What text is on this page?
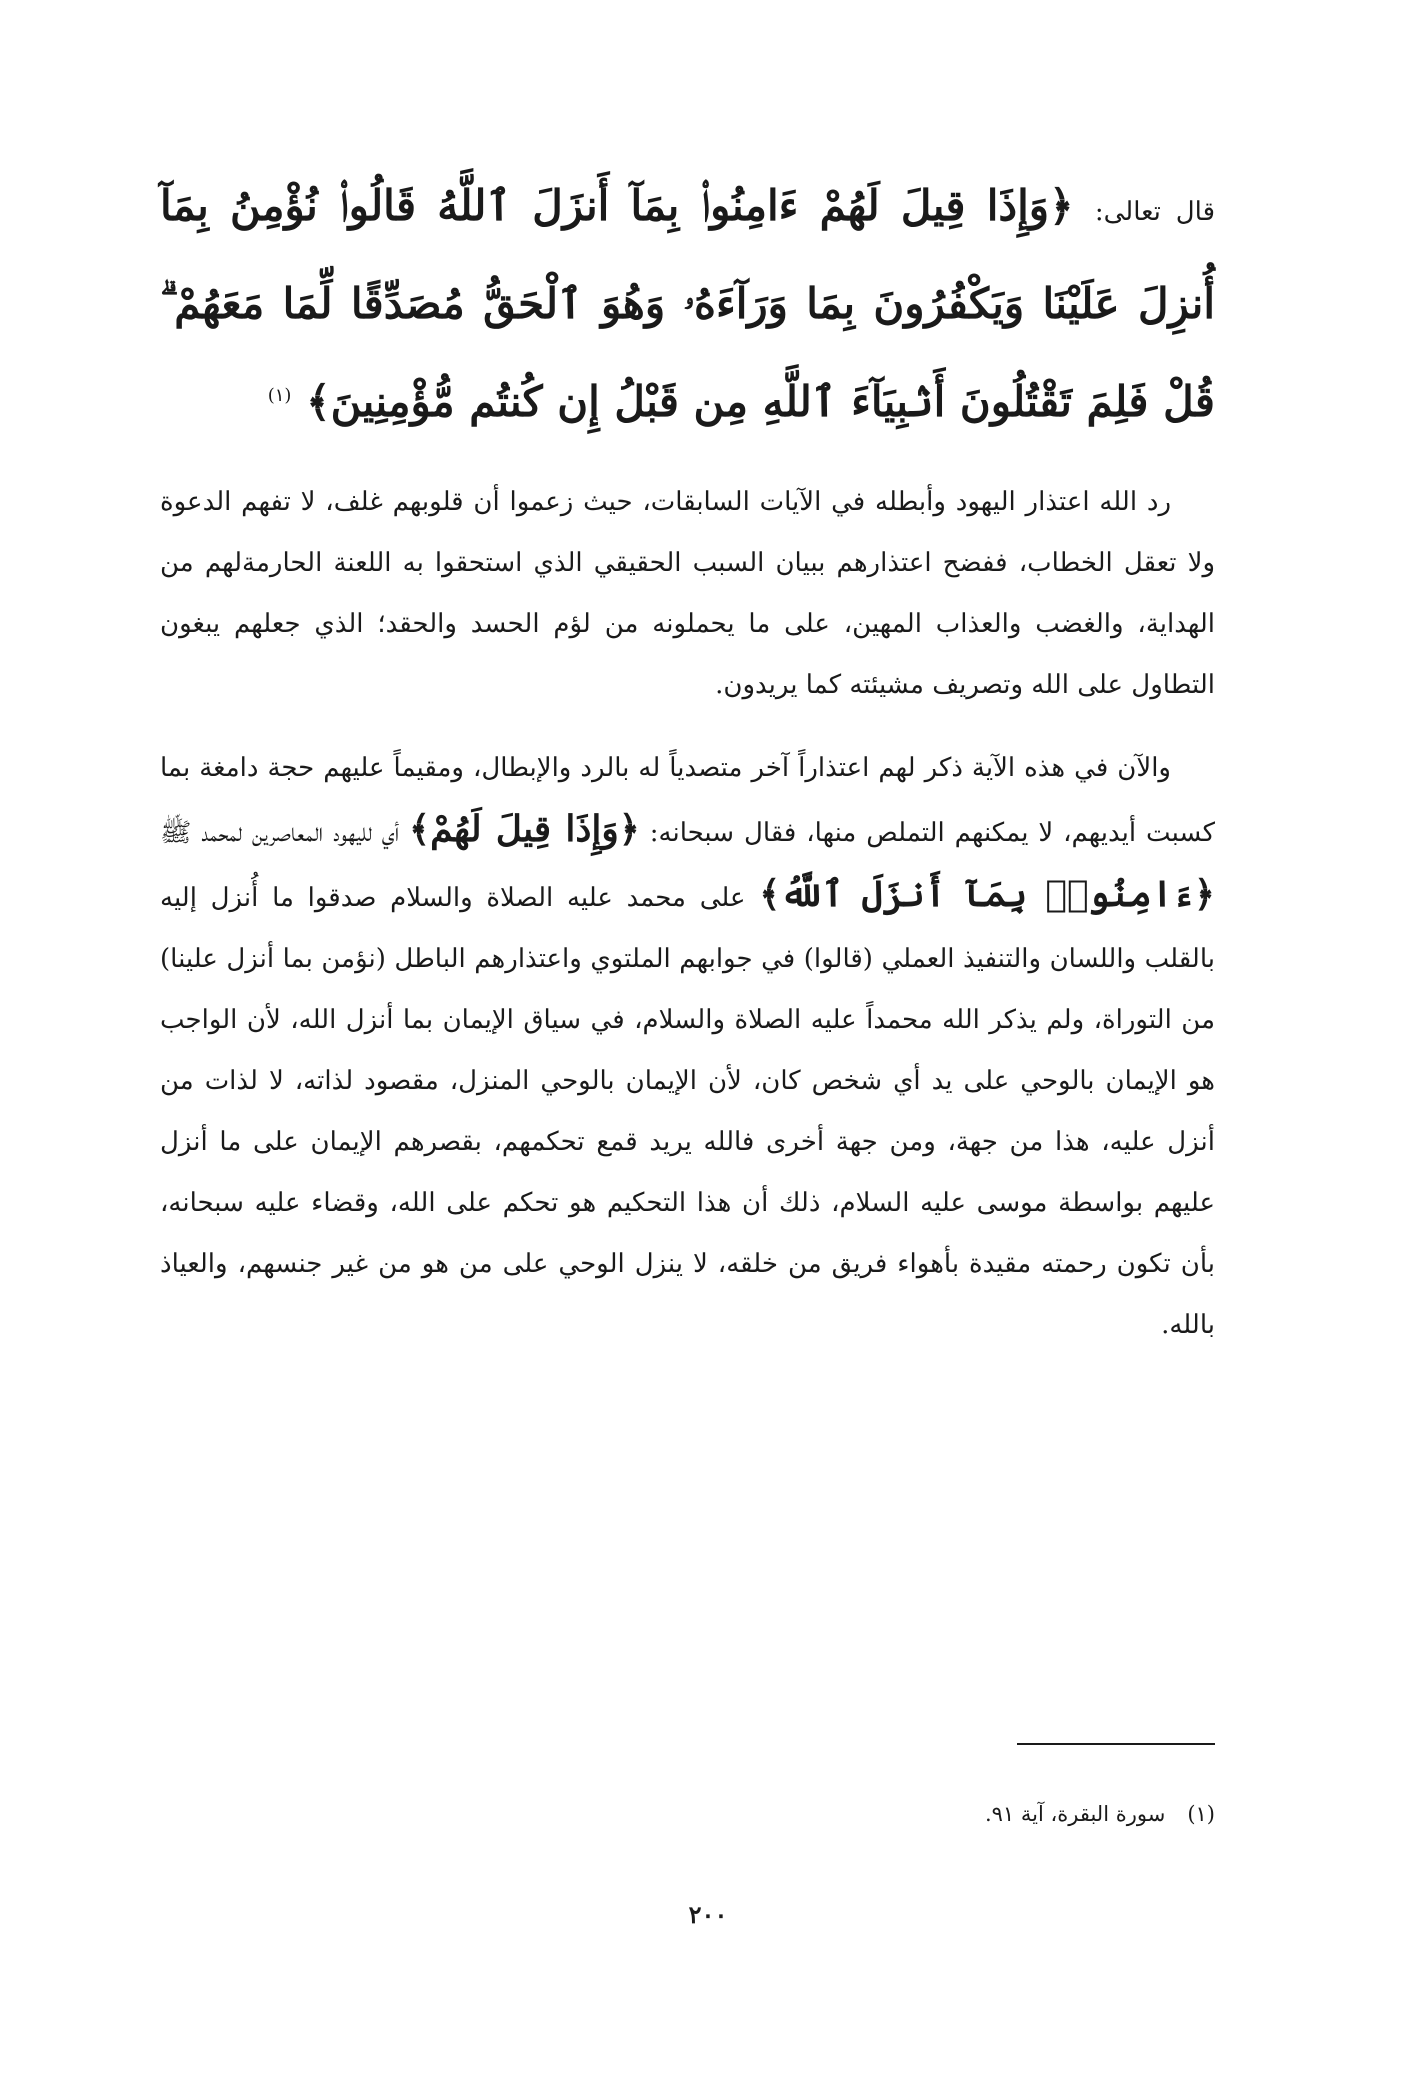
قال تعالى: ﴿وَإِذَا قِيلَ لَهُمْ ءَامِنُوا۟ بِمَآ أَنزَلَ ٱللَّهُ قَالُوا۟ نُؤْمِنُ بِمَآ أُنزِلَ عَلَيْنَا وَيَكْفُرُونَ بِمَا وَرَآءَهُۥ وَهُوَ ٱلْحَقُّ مُصَدِّقًا لِّمَا مَعَهُمْ ۗ قُلْ فَلِمَ تَقْتُلُونَ أَنۢبِيَآءَ ٱللَّهِ مِن قَبْلُ إِن كُنتُم مُّؤْمِنِينَ﴾ $^{(١)}$

رد الله اعتذار اليهود وأبطله في الآيات السابقات، حيث زعموا أن قلوبهم غلف، لا تفهم الدعوة ولا تعقل الخطاب، ففضح اعتذارهم ببيان السبب الحقيقي الذي استحقوا به اللعنة الحارمةلهم من الهداية، والغضب والعذاب المهين، على ما يحملونه من لؤم الحسد والحقد؛ الذي جعلهم يبغون التطاول على الله وتصريف مشيئته كما يريدون.

والآن في هذه الآية ذكر لهم اعتذاراً آخر متصدياً له بالرد والإبطال، ومقيماً عليهم حجة دامغة بما كسبت أيديهم، لا يمكنهم التملص منها، فقال سبحانه: ﴿وَإِذَا قِيلَ لَهُمْ﴾ أي لليهود المعاصرين لمحمد ﷺ ﴿ءَامِنُوا۟ بِمَآ أَنزَلَ ٱللَّهُ﴾ على محمد عليه الصلاة والسلام صدقوا ما أُنزل إليه بالقلب واللسان والتنفيذ العملي (قالوا) في جوابهم الملتوي واعتذارهم الباطل (نؤمن بما أنزل علينا) من التوراة، ولم يذكر الله محمداً عليه الصلاة والسلام، في سياق الإيمان بما أنزل الله، لأن الواجب هو الإيمان بالوحي على يد أي شخص كان، لأن الإيمان بالوحي المنزل، مقصود لذاته، لا لذات من أنزل عليه، هذا من جهة، ومن جهة أخرى فالله يريد قمع تحكمهم، بقصرهم الإيمان على ما أنزل عليهم بواسطة موسى عليه السلام، ذلك أن هذا التحكيم هو تحكم على الله، وقضاء عليه سبحانه، بأن تكون رحمته مقيدة بأهواء فريق من خلقه، لا ينزل الوحي على من هو من غير جنسهم، والعياذ بالله.

(١)سورة البقرة، آية ٩١.
٢٠٠
